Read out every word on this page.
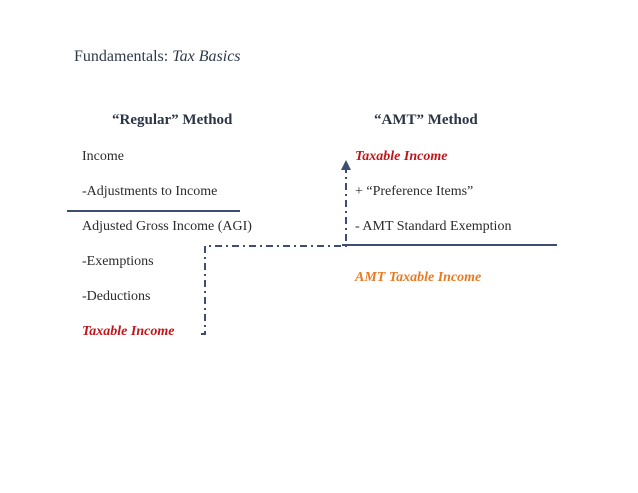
Fundamentals: Tax Basics
“Regular” Method
Income
-Adjustments to Income
Adjusted Gross Income (AGI)
-Exemptions
-Deductions
Taxable Income
“AMT” Method
Taxable Income
+ “Preference Items”
- AMT Standard Exemption
AMT Taxable Income
